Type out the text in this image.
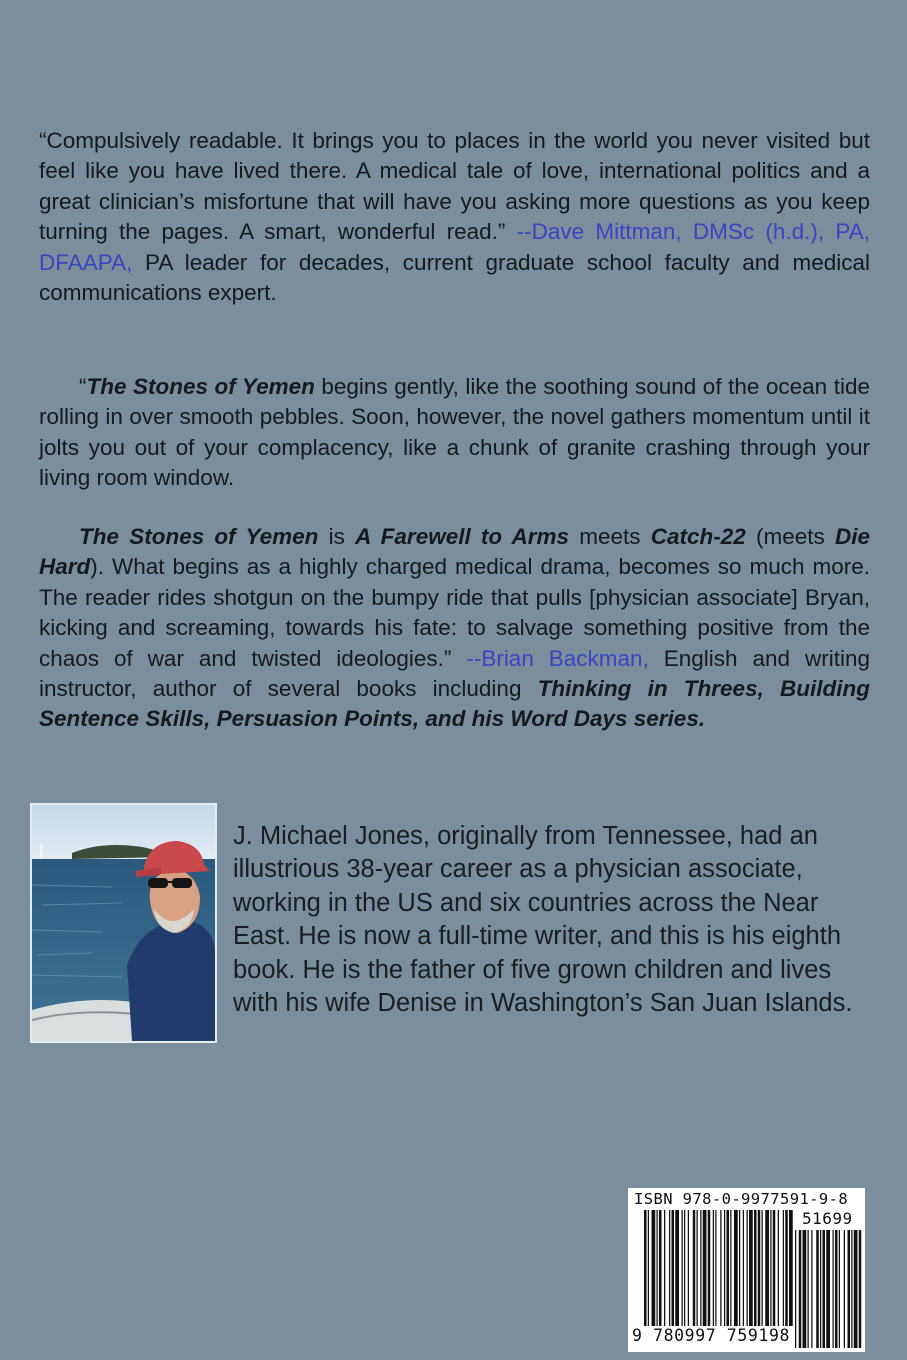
“Compulsively readable. It brings you to places in the world you never visited but feel like you have lived there. A medical tale of love, international politics and a great clinician’s misfortune that will have you asking more questions as you keep turning the pages. A smart, wonderful read.” --Dave Mittman, DMSc (h.d.), PA, DFAAPA, PA leader for decades, current graduate school faculty and medical communications expert.

“The Stones of Yemen begins gently, like the soothing sound of the ocean tide rolling in over smooth pebbles. Soon, however, the novel gathers momentum until it jolts you out of your complacency, like a chunk of granite crashing through your living room window.

The Stones of Yemen is A Farewell to Arms meets Catch-22 (meets Die Hard). What begins as a highly charged medical drama, becomes so much more. The reader rides shotgun on the bumpy ride that pulls [physician associate] Bryan, kicking and screaming, towards his fate: to salvage something positive from the chaos of war and twisted ideologies.” --Brian Backman, English and writing instructor, author of several books including Thinking in Threes, Building Sentence Skills, Persuasion Points, and his Word Days series.

J. Michael Jones, originally from Tennessee, had an illustrious 38-year career as a physician associate, working in the US and six countries across the Near East. He is now a full-time writer, and this is his eighth book. He is the father of five grown children and lives with his wife Denise in Washington’s San Juan Islands.
ISBN 978-0-9977591-9-8
51699
9 780997 759198
